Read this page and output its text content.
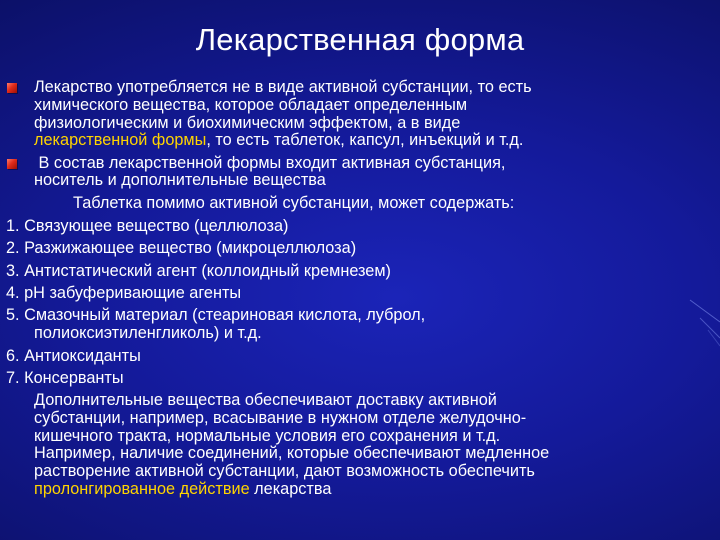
Лекарственная форма
Лекарство употребляется не в виде активной субстанции, то есть
химического вещества, которое обладает определенным
физиологическим и биохимическим эффектом, а в виде
лекарственной формы, то есть таблеток, капсул, инъекций и т.д.
В состав лекарственной формы входит активная субстанция,
носитель и дополнительные вещества
Таблетка помимо активной субстанции, может содержать:
1. Связующее вещество (целлюлоза)
2. Разжижающее вещество (микроцеллюлоза)
3. Антистатический агент (коллоидный кремнезем)
4. рН забуферивающие агенты
5. Смазочный материал (стеариновая кислота, луброл,
полиоксиэтиленгликоль) и т.д.
6. Антиоксиданты
7. Консерванты
Дополнительные вещества обеспечивают доставку активной
субстанции, например, всасывание в нужном отделе желудочно-
кишечного тракта, нормальные условия его сохранения и т.д.
Например, наличие соединений, которые обеспечивают медленное
растворение активной субстанции, дают возможность обеспечить
пролонгированное действие лекарства
